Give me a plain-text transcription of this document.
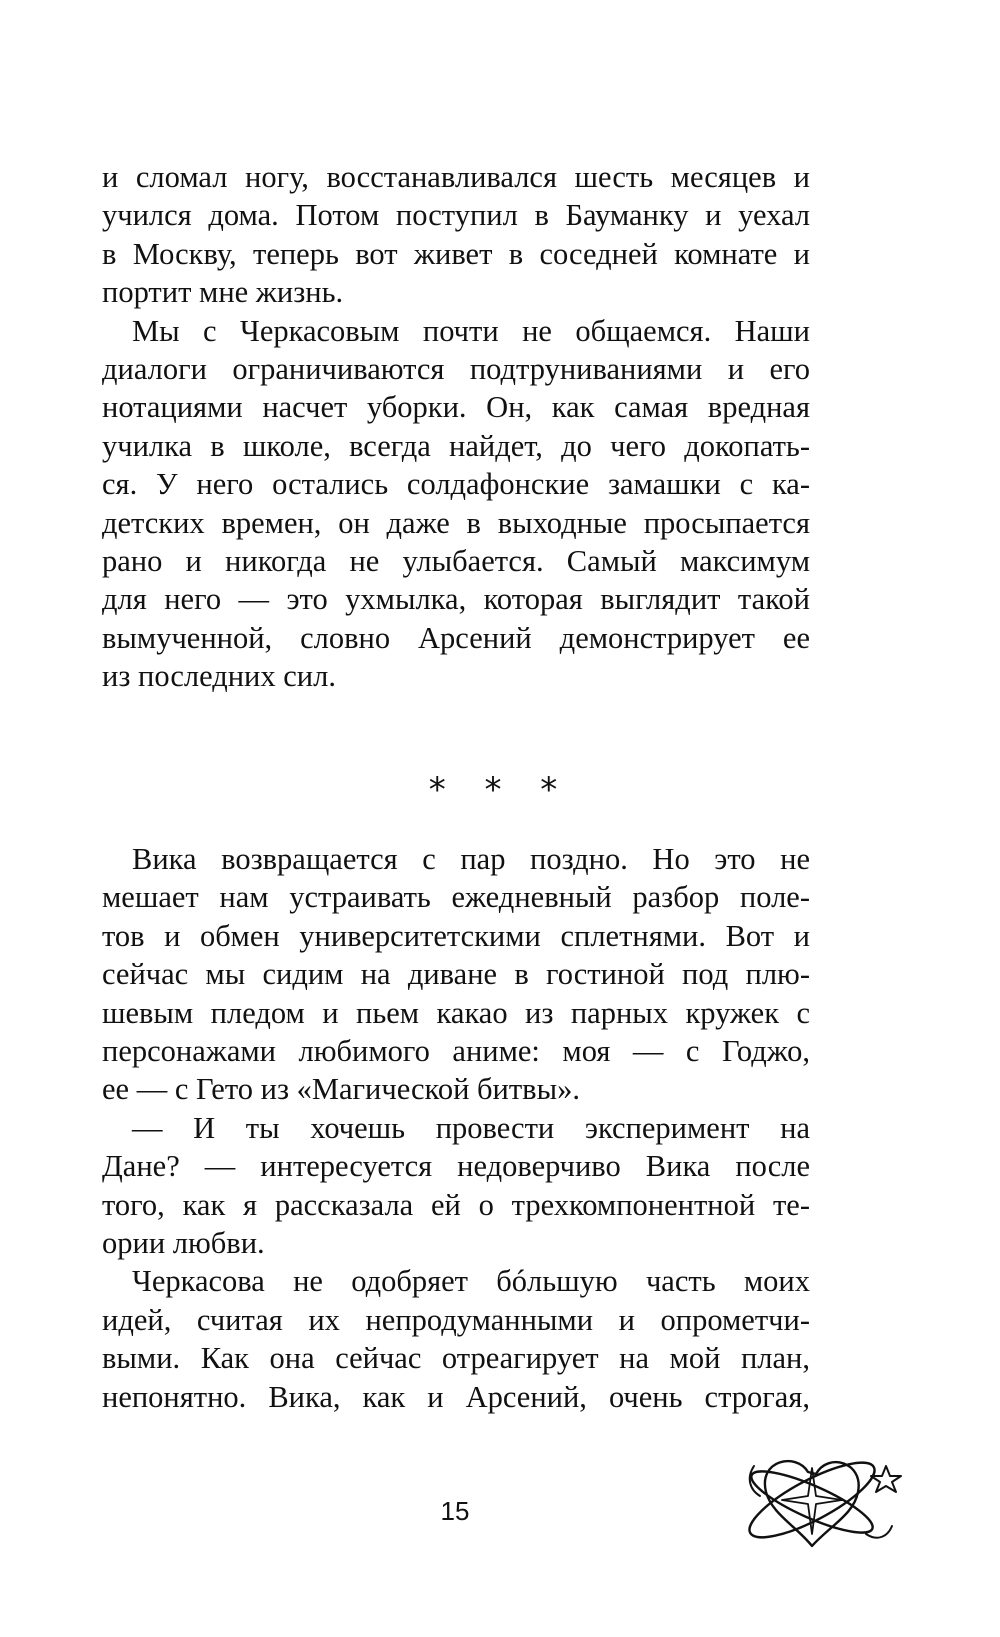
и сломал ногу, восстанавливался шесть месяцев и
учился дома. Потом поступил в Бауманку и уехал
в Москву, теперь вот живет в соседней комнате и
портит мне жизнь.
Мы с Черкасовым почти не общаемся. Наши
диалоги ограничиваются подтруниваниями и его
нотациями насчет уборки. Он, как самая вредная
училка в школе, всегда найдет, до чего докопать-
ся. У него остались солдафонские замашки с ка-
детских времен, он даже в выходные просыпается
рано и никогда не улыбается. Самый максимум
для него — это ухмылка, которая выглядит такой
вымученной, словно Арсений демонстрирует ее
из последних сил.
* * *
Вика возвращается с пар поздно. Но это не
мешает нам устраивать ежедневный разбор поле-
тов и обмен университетскими сплетнями. Вот и
сейчас мы сидим на диване в гостиной под плю-
шевым пледом и пьем какао из парных кружек с
персонажами любимого аниме: моя — с Годжо,
ее — с Гето из «Магической битвы».
— И ты хочешь провести эксперимент на
Дане? — интересуется недоверчиво Вика после
того, как я рассказала ей о трехкомпонентной те-
ории любви.
Черкасова не одобряет бóльшую часть моих
идей, считая их непродуманными и опрометчи-
выми. Как она сейчас отреагирует на мой план,
непонятно. Вика, как и Арсений, очень строгая,
15
